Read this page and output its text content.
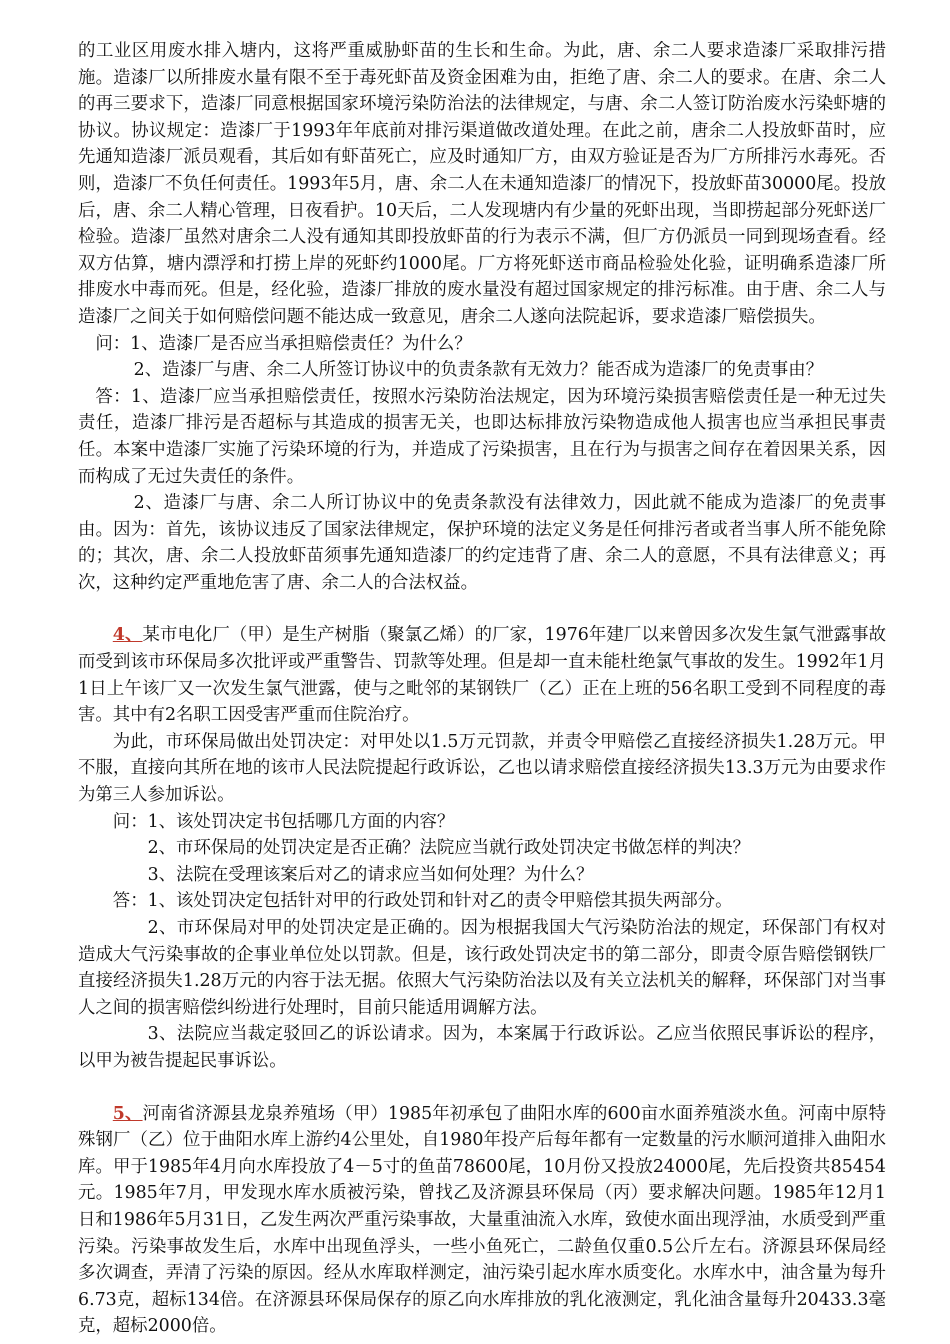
的工业区用废水排入塘内，这将严重威胁虾苗的生长和生命。为此，唐、余二人要求造漆厂采取排污措施。造漆厂以所排废水量有限不至于毒死虾苗及资金困难为由，拒绝了唐、余二人的要求。在唐、余二人的再三要求下，造漆厂同意根据国家环境污染防治法的法律规定，与唐、余二人签订防治废水污染虾塘的协议。协议规定：造漆厂于1993年年底前对排污渠道做改道处理。在此之前，唐余二人投放虾苗时，应先通知造漆厂派员观看，其后如有虾苗死亡，应及时通知厂方，由双方验证是否为厂方所排污水毒死。否则，造漆厂不负任何责任。1993年5月，唐、余二人在未通知造漆厂的情况下，投放虾苗30000尾。投放后，唐、余二人精心管理，日夜看护。10天后，二人发现塘内有少量的死虾出现，当即捞起部分死虾送厂检验。造漆厂虽然对唐余二人没有通知其即投放虾苗的行为表示不满，但厂方仍派员一同到现场查看。经双方估算，塘内漂浮和打捞上岸的死虾约1000尾。厂方将死虾送市商品检验处化验，证明确系造漆厂所排废水中毒而死。但是，经化验，造漆厂排放的废水量没有超过国家规定的排污标准。由于唐、余二人与造漆厂之间关于如何赔偿问题不能达成一致意见，唐余二人遂向法院起诉，要求造漆厂赔偿损失。

问：1、造漆厂是否应当承担赔偿责任？为什么？

2、造漆厂与唐、余二人所签订协议中的负责条款有无效力？能否成为造漆厂的免责事由？

答：1、造漆厂应当承担赔偿责任，按照水污染防治法规定，因为环境污染损害赔偿责任是一种无过失责任，造漆厂排污是否超标与其造成的损害无关，也即达标排放污染物造成他人损害也应当承担民事责任。本案中造漆厂实施了污染环境的行为，并造成了污染损害，且在行为与损害之间存在着因果关系，因而构成了无过失责任的条件。

2、造漆厂与唐、余二人所订协议中的免责条款没有法律效力，因此就不能成为造漆厂的免责事由。因为：首先，该协议违反了国家法律规定，保护环境的法定义务是任何排污者或者当事人所不能免除的；其次，唐、余二人投放虾苗须事先通知造漆厂的约定违背了唐、余二人的意愿，不具有法律意义；再次，这种约定严重地危害了唐、余二人的合法权益。

4、某市电化厂（甲）是生产树脂（聚氯乙烯）的厂家，1976年建厂以来曾因多次发生氯气泄露事故而受到该市环保局多次批评或严重警告、罚款等处理。但是却一直未能杜绝氯气事故的发生。1992年1月1日上午该厂又一次发生氯气泄露，使与之毗邻的某钢铁厂（乙）正在上班的56名职工受到不同程度的毒害。其中有2名职工因受害严重而住院治疗。

为此，市环保局做出处罚决定：对甲处以1.5万元罚款，并责令甲赔偿乙直接经济损失1.28万元。甲不服，直接向其所在地的该市人民法院提起行政诉讼，乙也以请求赔偿直接经济损失13.3万元为由要求作为第三人参加诉讼。

问：1、该处罚决定书包括哪几方面的内容？

2、市环保局的处罚决定是否正确？法院应当就行政处罚决定书做怎样的判决？

3、法院在受理该案后对乙的请求应当如何处理？为什么？

答：1、该处罚决定包括针对甲的行政处罚和针对乙的责令甲赔偿其损失两部分。

2、市环保局对甲的处罚决定是正确的。因为根据我国大气污染防治法的规定，环保部门有权对造成大气污染事故的企事业单位处以罚款。但是，该行政处罚决定书的第二部分，即责令原告赔偿钢铁厂直接经济损失1.28万元的内容于法无据。依照大气污染防治法以及有关立法机关的解释，环保部门对当事人之间的损害赔偿纠纷进行处理时，目前只能适用调解方法。

3、法院应当裁定驳回乙的诉讼请求。因为，本案属于行政诉讼。乙应当依照民事诉讼的程序，以甲为被告提起民事诉讼。

5、河南省济源县龙泉养殖场（甲）1985年初承包了曲阳水库的600亩水面养殖淡水鱼。河南中原特殊钢厂（乙）位于曲阳水库上游约4公里处，自1980年投产后每年都有一定数量的污水顺河道排入曲阳水库。甲于1985年4月向水库投放了4－5寸的鱼苗78600尾，10月份又投放24000尾，先后投资共85454元。1985年7月，甲发现水库水质被污染，曾找乙及济源县环保局（丙）要求解决问题。1985年12月1日和1986年5月31日，乙发生两次严重污染事故，大量重油流入水库，致使水面出现浮油，水质受到严重污染。污染事故发生后，水库中出现鱼浮头，一些小鱼死亡，二龄鱼仅重0.5公斤左右。济源县环保局经多次调查，弄清了污染的原因。经从水库取样测定，油污染引起水库水质变化。水库水中，油含量为每升6.73克，超标134倍。在济源县环保局保存的原乙向水库排放的乳化液测定，乳化油含量每升20433.3毫克，超标2000倍。
